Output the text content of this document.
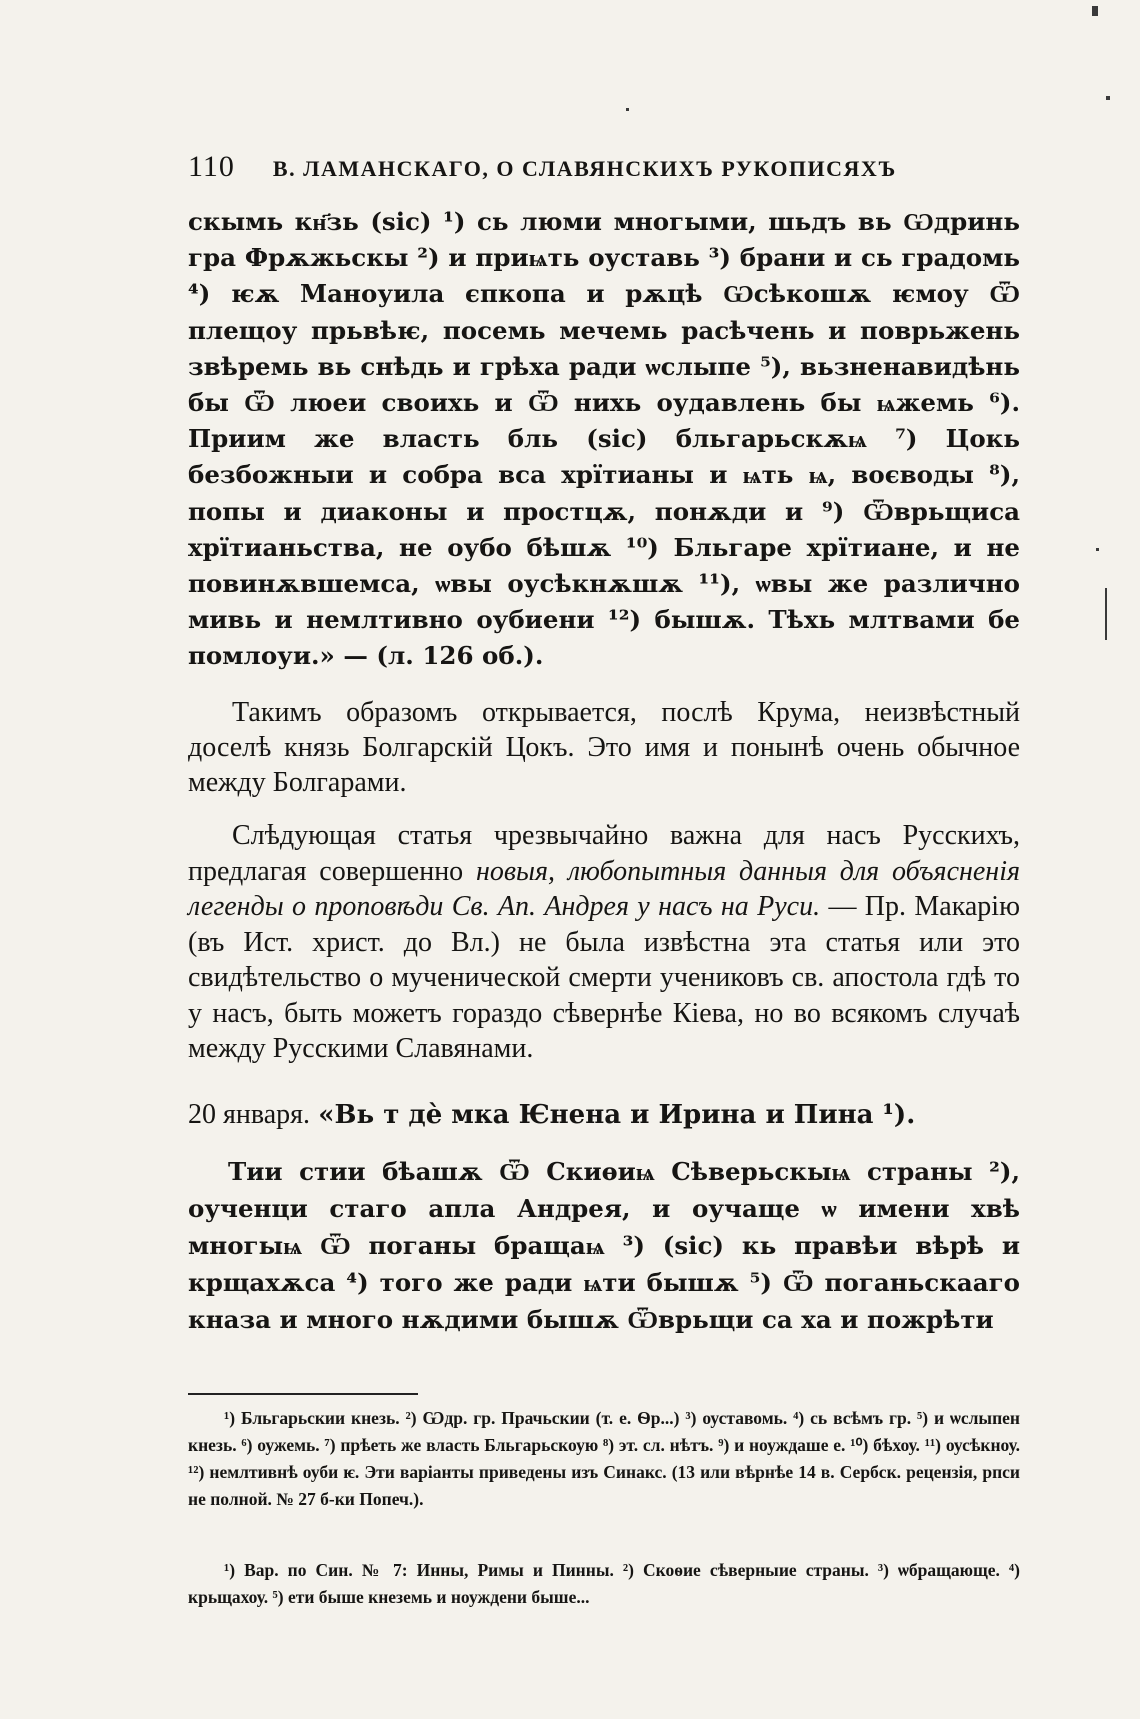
110 В. ЛАМАНСКАГО, О СЛАВЯНСКИХЪ РУКОПИСЯХЪ
скымь кн҃зь (sic) ¹) сь люми многыми, шьдъ вь Ѡдринь гра Фрѫжьскы ²) и приѩть оуставь ³) брани и сь градомь ⁴) ѥѫ Маноуила єпкопа и рѫцѣ Ѡсѣкошѫ ѥмоу Ѿ плещоу прьвѣѥ, посемь мечемь расѣчень и поврьжень звѣремь вь снѣдь и грѣха ради ѡслыпе ⁵), вьзненавидѣнь бы Ѿ люеи своихь и Ѿ нихь оудавлень бы ѩжемь ⁶). Приим же власть бль (sic) бльгарьскѫѩ ⁷) Цокь безбожныи и собра вса хрїтианы и ѩть ѩ, воєводы ⁸), попы и диаконы и простцѫ, понѫди и ⁹) Ѿврьщиса хрїтианьства, не оубо бѣшѫ ¹⁰) Бльгаре хрїтиане, и не повинѫвшемса, ѡвы оусѣкнѫшѫ ¹¹), ѡвы же различно мивь и немлтивно оубиени ¹²) бышѫ. Тѣхь млтвами бе помлоуи.» — (л. 126 об.).
Такимъ образомъ открывается, послѣ Крума, неизвѣстный доселѣ князь Болгарскій Цокъ. Это имя и понынѣ очень обычное между Болгарами.
Слѣдующая статья чрезвычайно важна для насъ Русскихъ, предлагая совершенно новыя, любопытныя данныя для объясненія легенды о проповѣди Св. Ап. Андрея у насъ на Руси. — Пр. Макарію (въ Ист. христ. до Вл.) не была извѣстна эта статья или это свидѣтельство о мученической смерти учениковъ св. апостола гдѣ то у насъ, быть можетъ гораздо сѣвернѣе Кіева, но во всякомъ случаѣ между Русскими Славянами.
20 января. «Вь т дѐ мка Ѥнена и Ирина и Пина ¹).
Тии стии бѣашѫ Ѿ Скиѳиѩ Сѣверьскыѩ страны ²), оученци стаго апла Андрея, и оучаще ѡ имени хвѣ многыѩ Ѿ поганы бращаѩ ³) (sic) кь правѣи вѣрѣ и крщахѫса ⁴) того же ради ѩти бышѫ ⁵) Ѿ поганьскааго кназа и много нѫдими бышѫ Ѿврьщи са ха и пожрѣти
¹) Бльгарьскии кнезь. ²) Ѡдр. гр. Прачьскии (т. е. Ѳр...) ³) оуставомь. ⁴) сь всѣмъ гр. ⁵) и ѡслыпен кнезь. ⁶) оужемь. ⁷) прѣеть же власть Бльгарьскоую ⁸) эт. сл. нѣтъ. ⁹) и ноуждаше е. ¹⁰) бѣхоу. ¹¹) оусѣкноу. ¹²) немлтивнѣ оуби ѥ. Эти варіанты приведены изъ Синакс. (13 или вѣрнѣе 14 в. Сербск. рецензія, рпси не полной. № 27 б-ки Попеч.).
¹) Вар. по Син. № 7: Инны, Римы и Пинны. ²) Скоѳие сѣверныие страны. ³) ѡбращающе. ⁴) крьщахоу. ⁵) ети быше кнеземь и ноуждени быше...
